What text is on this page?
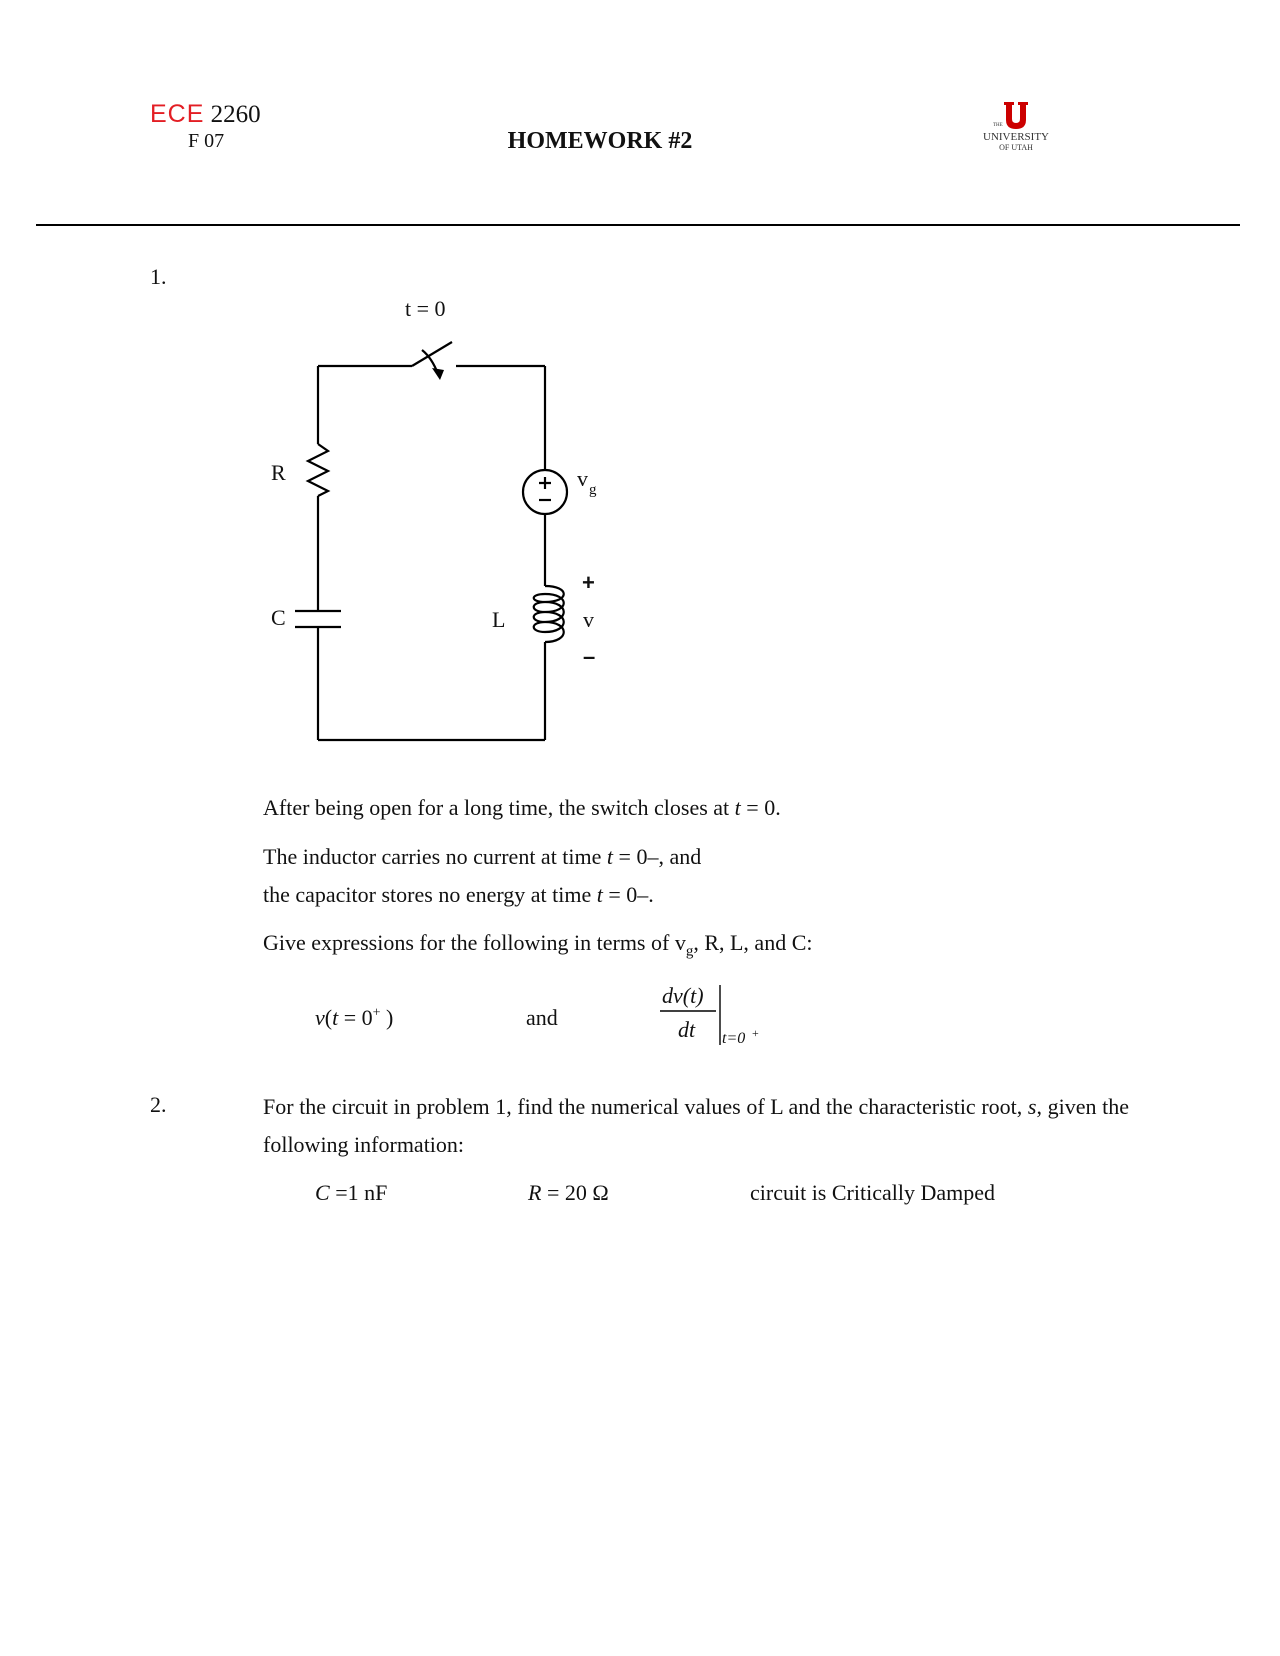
ECE 2260
F 07	HOMEWORK #2
THE
UNIVERSITY
OF UTAH
1.
t = 0
R
C	L
v g
v
+
–
After being open for a long time, the switch closes at t = 0.
The inductor carries no current at time t = 0–, and
the capacitor stores no energy at time t = 0–.
Give expressions for the following in terms of $v_g$, R, L, and C:
v(t = 0+ )	and
dv(t)
dt t=0 +
2.	For the circuit in problem 1, find the numerical values of L and the characteristic root, s, given the following information:
C =1 nF	R = 20 Ω	circuit is Critically Damped
